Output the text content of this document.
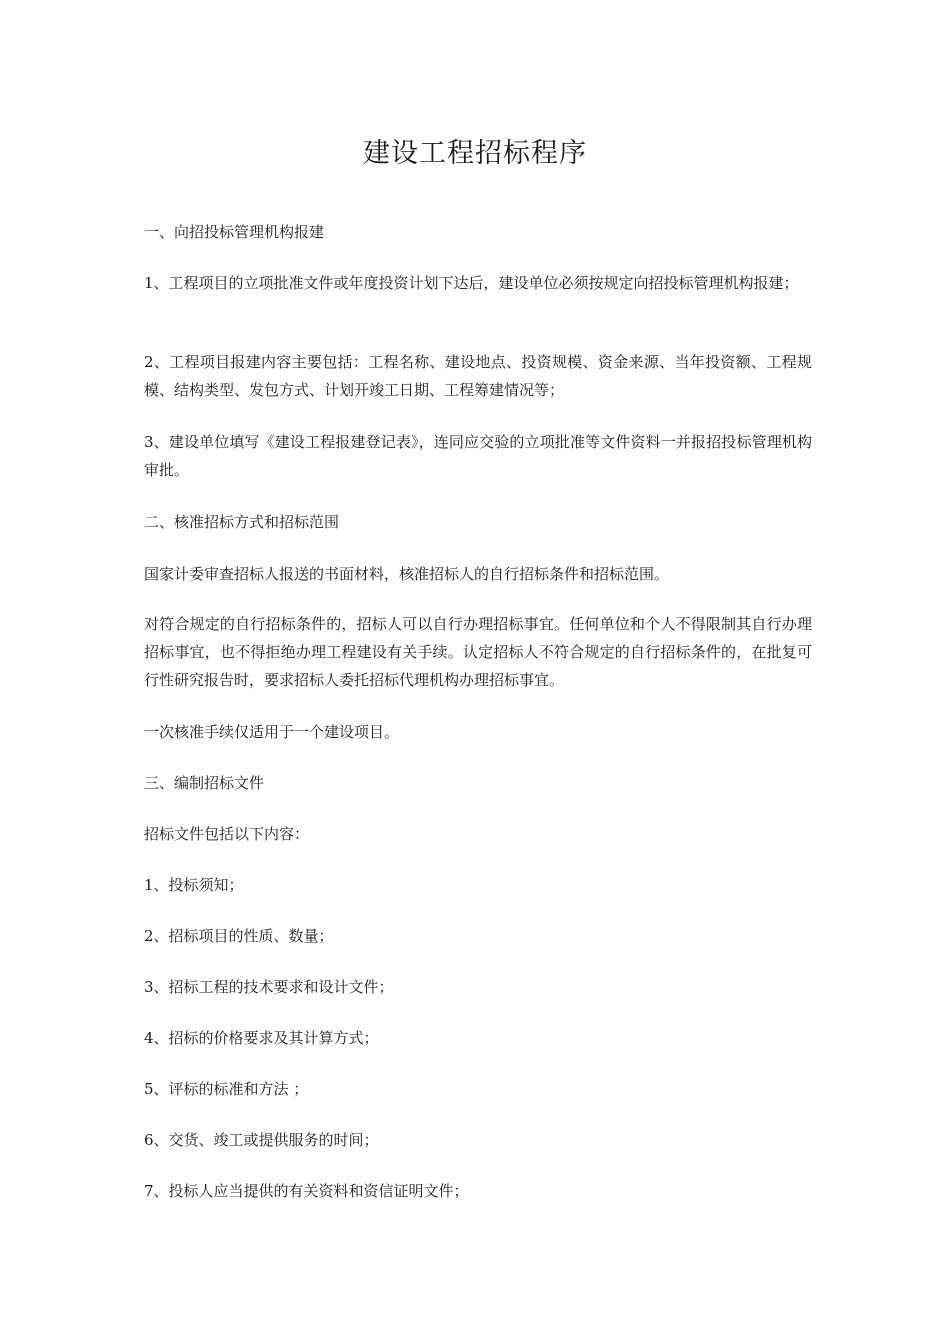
建设工程招标程序

一、向招投标管理机构报建

1、工程项目的立项批准文件或年度投资计划下达后，建设单位必须按规定向招投标管理机构报建；

2、工程项目报建内容主要包括：工程名称、建设地点、投资规模、资金来源、当年投资额、工程规模、结构类型、发包方式、计划开竣工日期、工程筹建情况等；

3、建设单位填写《建设工程报建登记表》，连同应交验的立项批准等文件资料一并报招投标管理机构审批。

二、核准招标方式和招标范围

国家计委审查招标人报送的书面材料，核准招标人的自行招标条件和招标范围。

对符合规定的自行招标条件的，招标人可以自行办理招标事宜。任何单位和个人不得限制其自行办理招标事宜，也不得拒绝办理工程建设有关手续。认定招标人不符合规定的自行招标条件的，在批复可行性研究报告时，要求招标人委托招标代理机构办理招标事宜。

一次核准手续仅适用于一个建设项目。

三、编制招标文件

招标文件包括以下内容：

1、投标须知；

2、招标项目的性质、数量；

3、招标工程的技术要求和设计文件；

4、招标的价格要求及其计算方式；

5、评标的标准和方法 ；

6、交货、竣工或提供服务的时间；

7、投标人应当提供的有关资料和资信证明文件；
